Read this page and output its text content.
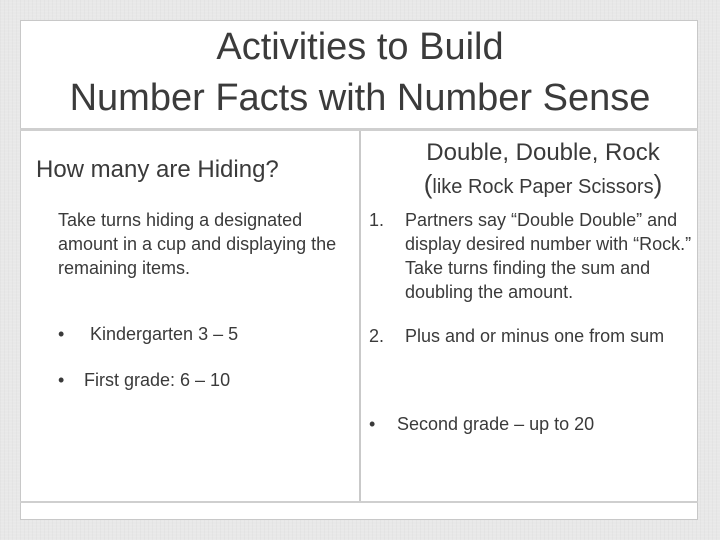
Activities to Build
Number Facts with Number Sense
How many are Hiding?
Take turns hiding a designated amount in a cup and displaying the remaining items.
• Kindergarten 3 – 5
• First grade: 6 – 10
Double, Double, Rock
(like Rock Paper Scissors)
1.	Partners say “Double Double” and display desired number with “Rock.” Take turns finding the sum and doubling the amount.
2.	Plus and or minus one from sum
• Second grade – up to 20
